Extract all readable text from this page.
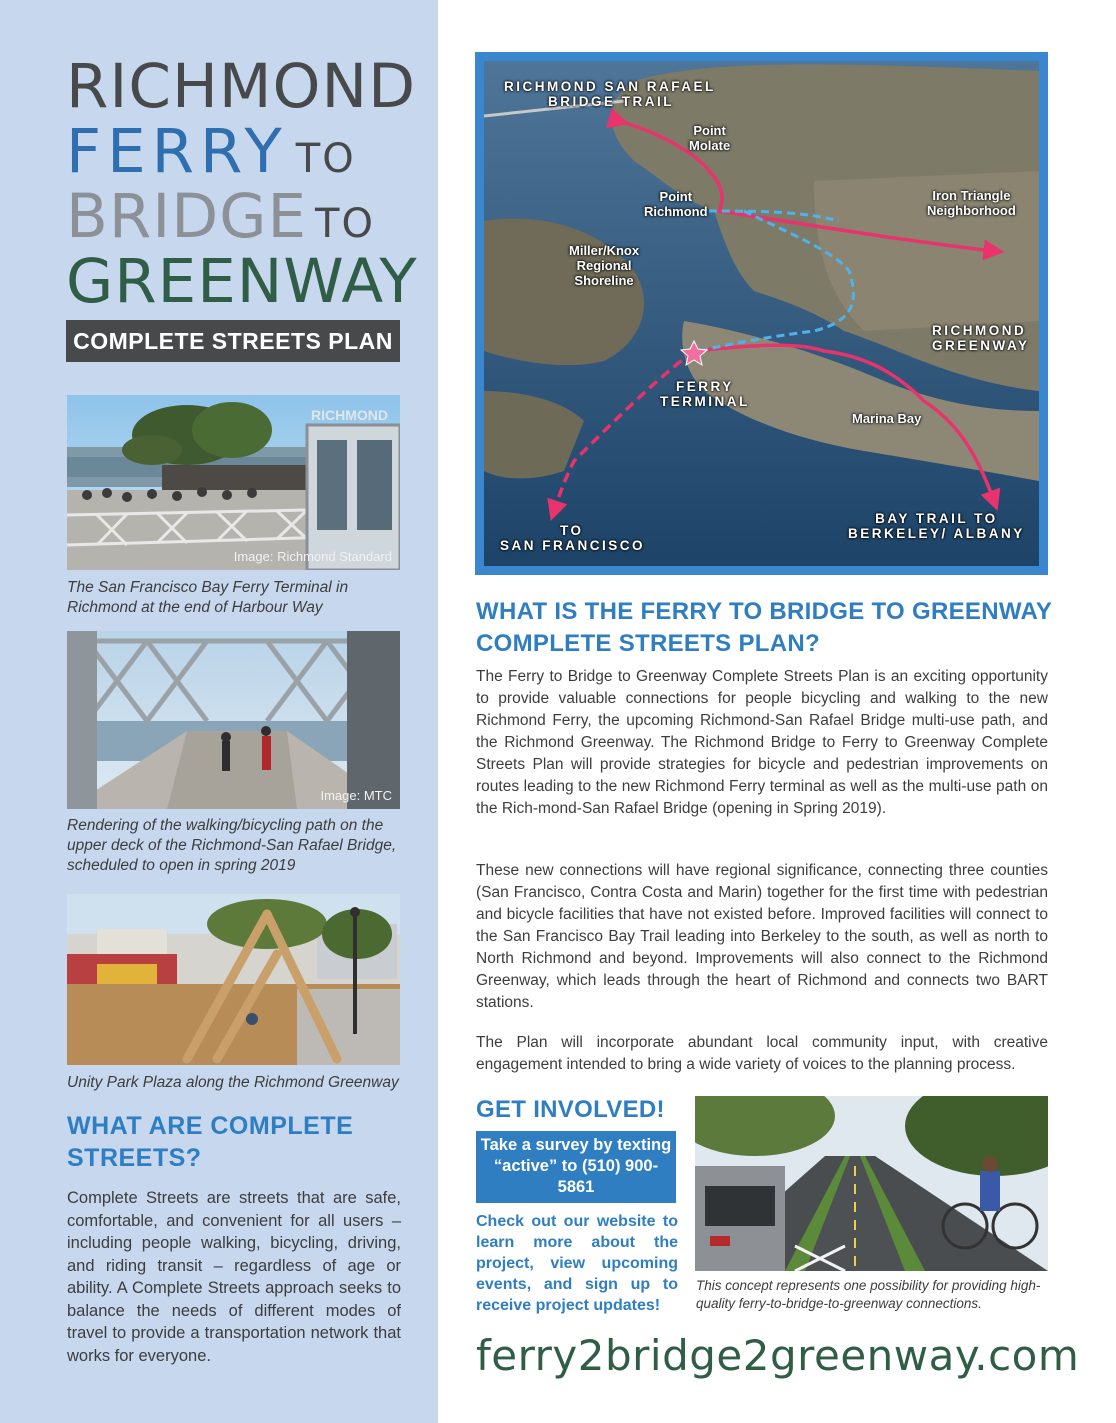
RICHMOND
FERRY TO
BRIDGE TO
GREENWAY
COMPLETE STREETS PLAN
RICHMOND
Image: Richmond Standard
The San Francisco Bay Ferry Terminal in Richmond at the end of Harbour Way
Image: MTC
Rendering of the walking/bicycling path on the upper deck of the Richmond-San Rafael Bridge, scheduled to open in spring 2019
Unity Park Plaza along the Richmond Greenway
WHAT ARE COMPLETE STREETS?
Complete Streets are streets that are safe, comfortable, and convenient for all users – including people walking, bicycling, driving, and riding transit – regardless of age or ability. A Complete Streets approach seeks to balance the needs of different modes of travel to provide a transportation network that works for everyone.
RICHMOND SAN RAFAEL
BRIDGE TRAIL
Point
Molate
Point
Richmond
Iron Triangle
Neighborhood
Miller/Knox
Regional
Shoreline
RICHMOND
GREENWAY
FERRY
TERMINAL
Marina Bay
TO
SAN FRANCISCO
BAY TRAIL TO
BERKELEY/ ALBANY
WHAT IS THE FERRY TO BRIDGE TO GREENWAY COMPLETE STREETS PLAN?
The Ferry to Bridge to Greenway Complete Streets Plan is an exciting opportunity to provide valuable connections for people bicycling and walking to the new Richmond Ferry, the upcoming Richmond-San Rafael Bridge multi-use path, and the Richmond Greenway. The Richmond Bridge to Ferry to Greenway Complete Streets Plan will provide strategies for bicycle and pedestrian improvements on routes leading to the new Richmond Ferry terminal as well as the multi-use path on the Rich-mond-San Rafael Bridge (opening in Spring 2019).
These new connections will have regional significance, connecting three counties (San Francisco, Contra Costa and Marin) together for the first time with pedestrian and bicycle facilities that have not existed before. Improved facilities will connect to the San Francisco Bay Trail leading into Berkeley to the south, as well as north to North Richmond and beyond. Improvements will also connect to the Richmond Greenway, which leads through the heart of Richmond and connects two BART stations.
The Plan will incorporate abundant local community input, with creative engagement intended to bring a wide variety of voices to the planning process.
GET INVOLVED!
Take a survey by texting “active” to (510) 900-5861
Check out our website to learn more about the project, view upcoming events, and sign up to receive project updates!
This concept represents one possibility for providing high-quality ferry-to-bridge-to-greenway connections.
ferry2bridge2greenway.com
